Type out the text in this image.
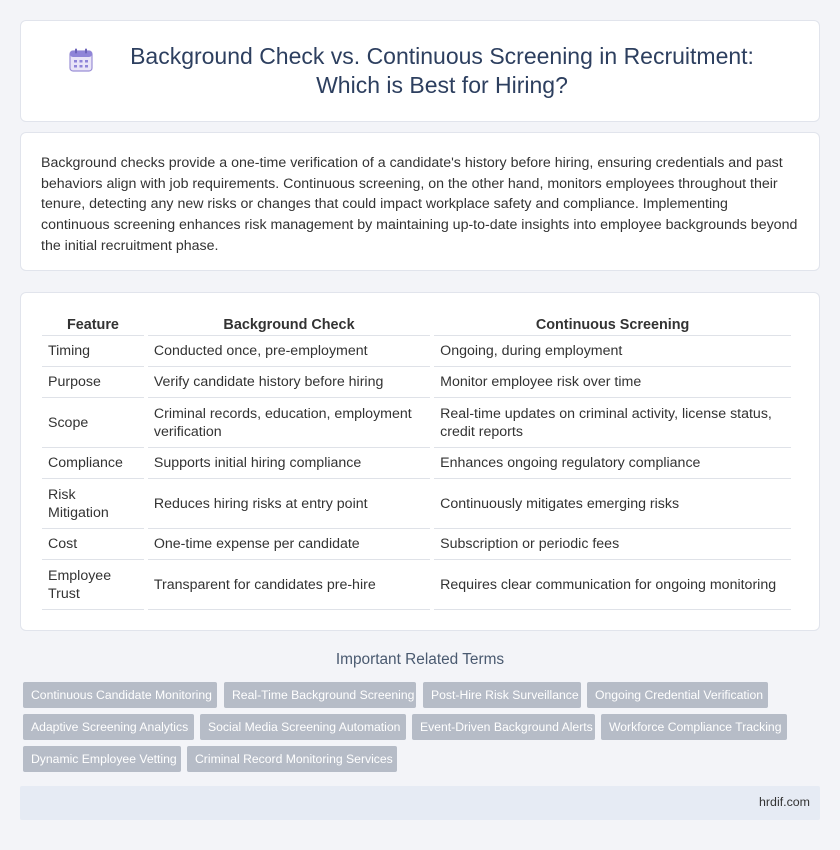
Background Check vs. Continuous Screening in Recruitment: Which is Best for Hiring?

Background checks provide a one-time verification of a candidate's history before hiring, ensuring credentials and past behaviors align with job requirements. Continuous screening, on the other hand, monitors employees throughout their tenure, detecting any new risks or changes that could impact workplace safety and compliance. Implementing continuous screening enhances risk management by maintaining up-to-date insights into employee backgrounds beyond the initial recruitment phase.

Feature	Background Check	Continuous Screening
Timing	Conducted once, pre-employment	Ongoing, during employment
Purpose	Verify candidate history before hiring	Monitor employee risk over time
Scope	Criminal records, education, employment verification	Real-time updates on criminal activity, license status, credit reports
Compliance	Supports initial hiring compliance	Enhances ongoing regulatory compliance
Risk Mitigation	Reduces hiring risks at entry point	Continuously mitigates emerging risks
Cost	One-time expense per candidate	Subscription or periodic fees
Employee Trust	Transparent for candidates pre-hire	Requires clear communication for ongoing monitoring
Important Related Terms
Continuous Candidate Monitoring	Real-Time Background Screening	Post-Hire Risk Surveillance	Ongoing Credential Verification
Adaptive Screening Analytics	Social Media Screening Automation	Event-Driven Background Alerts	Workforce Compliance Tracking
Dynamic Employee Vetting	Criminal Record Monitoring Services
hrdif.com
